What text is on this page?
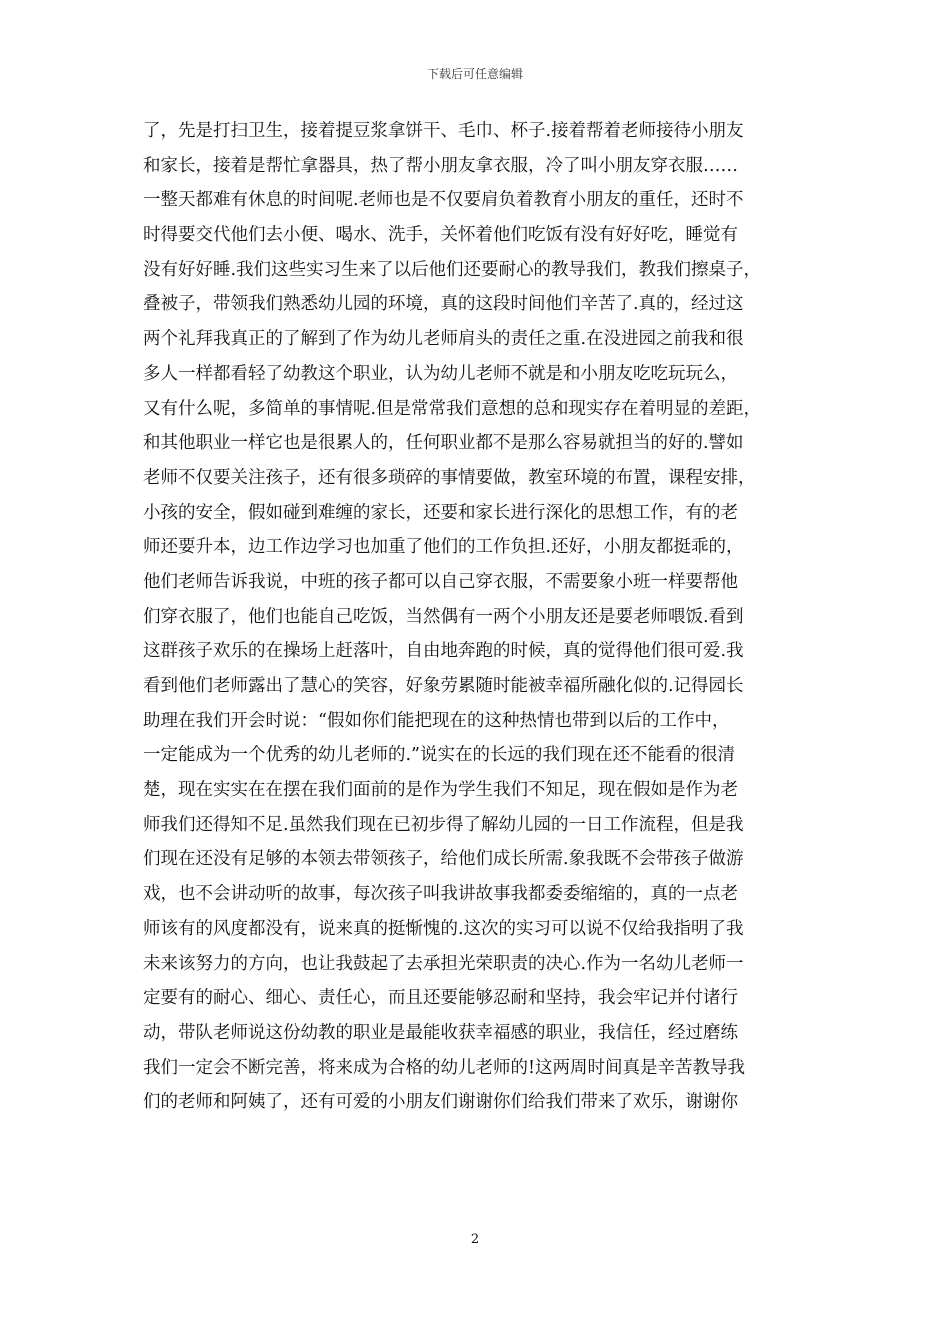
下载后可任意编辑
了，先是打扫卫生，接着提豆浆拿饼干、毛巾、杯子.接着帮着老师接待小朋友
和家长，接着是帮忙拿器具，热了帮小朋友拿衣服，冷了叫小朋友穿衣服……
一整天都难有休息的时间呢.老师也是不仅要肩负着教育小朋友的重任，还时不
时得要交代他们去小便、喝水、洗手，关怀着他们吃饭有没有好好吃，睡觉有
没有好好睡.我们这些实习生来了以后他们还要耐心的教导我们，教我们擦桌子，
叠被子，带领我们熟悉幼儿园的环境，真的这段时间他们辛苦了.真的，经过这
两个礼拜我真正的了解到了作为幼儿老师肩头的责任之重.在没进园之前我和很
多人一样都看轻了幼教这个职业，认为幼儿老师不就是和小朋友吃吃玩玩么，
又有什么呢，多简单的事情呢.但是常常我们意想的总和现实存在着明显的差距，
和其他职业一样它也是很累人的，任何职业都不是那么容易就担当的好的.譬如
老师不仅要关注孩子，还有很多琐碎的事情要做，教室环境的布置，课程安排，
小孩的安全，假如碰到难缠的家长，还要和家长进行深化的思想工作，有的老
师还要升本，边工作边学习也加重了他们的工作负担.还好，小朋友都挺乖的，
他们老师告诉我说，中班的孩子都可以自己穿衣服，不需要象小班一样要帮他
们穿衣服了，他们也能自己吃饭，当然偶有一两个小朋友还是要老师喂饭.看到
这群孩子欢乐的在操场上赶落叶，自由地奔跑的时候，真的觉得他们很可爱.我
看到他们老师露出了慧心的笑容，好象劳累随时能被幸福所融化似的.记得园长
助理在我们开会时说：“假如你们能把现在的这种热情也带到以后的工作中，
一定能成为一个优秀的幼儿老师的.”说实在的长远的我们现在还不能看的很清
楚，现在实实在在摆在我们面前的是作为学生我们不知足，现在假如是作为老
师我们还得知不足.虽然我们现在已初步得了解幼儿园的一日工作流程，但是我
们现在还没有足够的本领去带领孩子，给他们成长所需.象我既不会带孩子做游
戏，也不会讲动听的故事，每次孩子叫我讲故事我都委委缩缩的，真的一点老
师该有的风度都没有，说来真的挺惭愧的.这次的实习可以说不仅给我指明了我
未来该努力的方向，也让我鼓起了去承担光荣职责的决心.作为一名幼儿老师一
定要有的耐心、细心、责任心，而且还要能够忍耐和坚持，我会牢记并付诸行
动，带队老师说这份幼教的职业是最能收获幸福感的职业，我信任，经过磨练
我们一定会不断完善，将来成为合格的幼儿老师的!这两周时间真是辛苦教导我
们的老师和阿姨了，还有可爱的小朋友们谢谢你们给我们带来了欢乐，谢谢你
2
